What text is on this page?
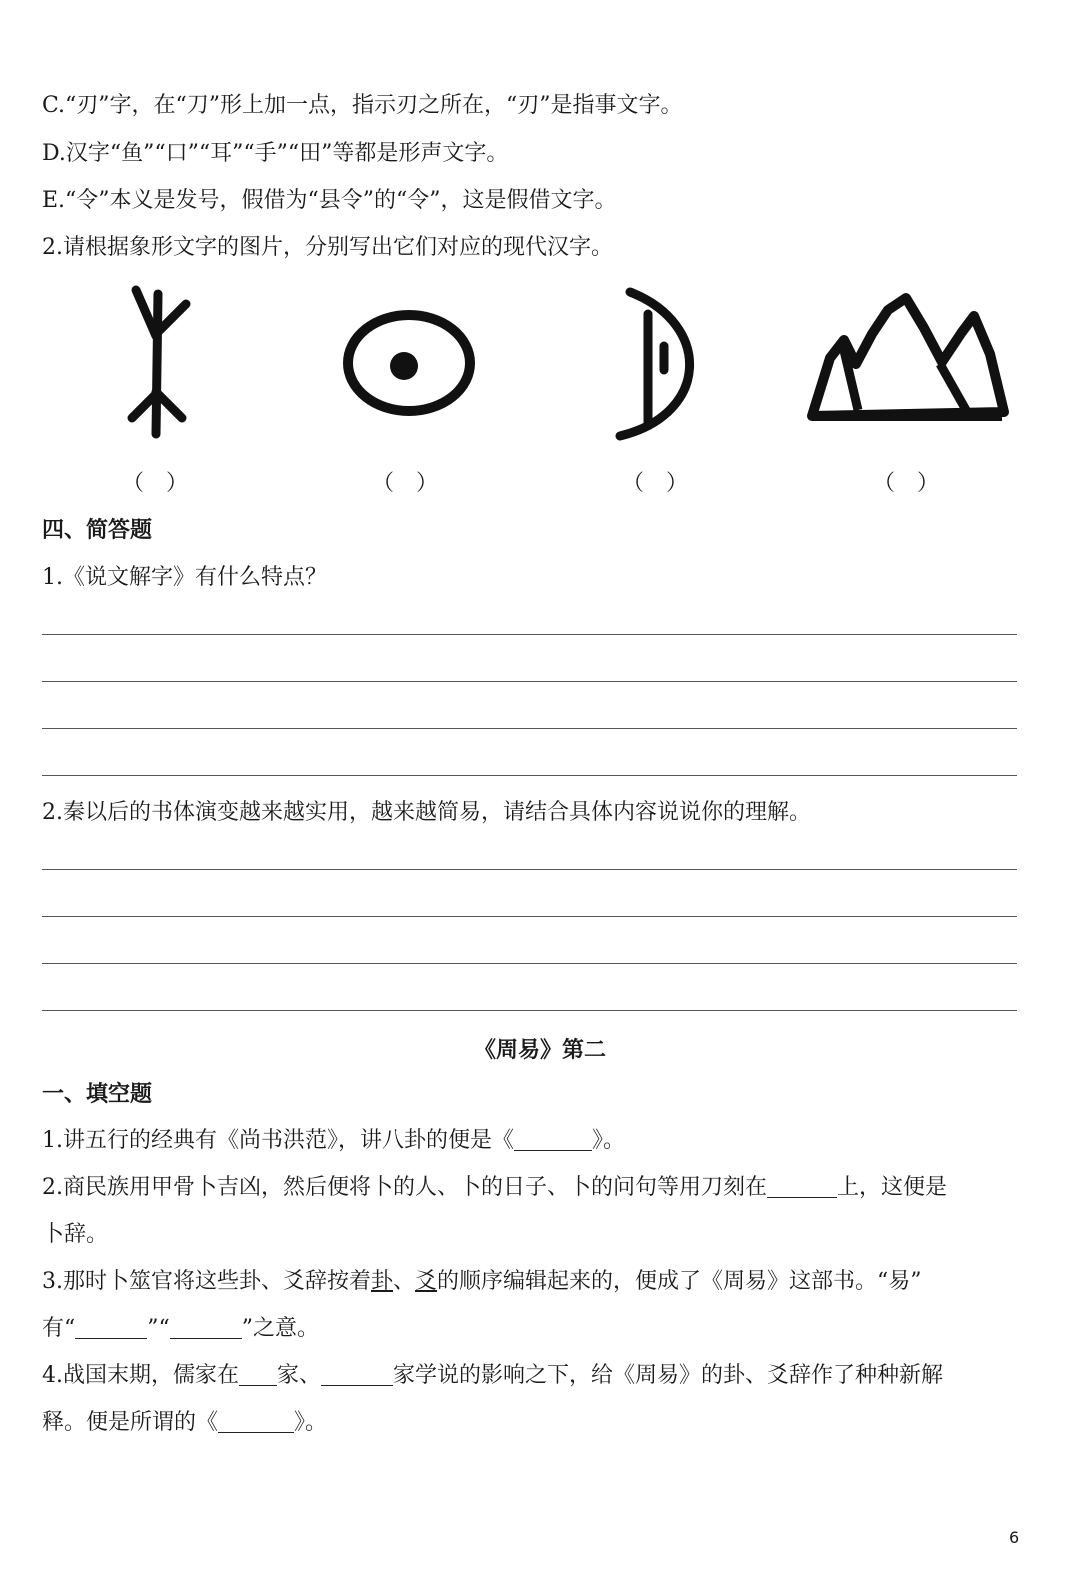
C.“刃”字，在“刀”形上加一点，指示刃之所在，“刃”是指事文字。
D.汉字“鱼”“口”“耳”“手”“田”等都是形声文字。
E.“令”本义是发号，假借为“县令”的“令”，这是假借文字。
2.请根据象形文字的图片，分别写出它们对应的现代汉字。
（　）	（　）	（　）	（　）
四、简答题
1.《说文解字》有什么特点？
2.秦以后的书体演变越来越实用，越来越简易，请结合具体内容说说你的理解。
《周易》第二
一、填空题
1.讲五行的经典有《尚书洪范》，讲八卦的便是《	》。
2.商民族用甲骨卜吉凶，然后便将卜的人、卜的日子、卜的问句等用刀刻在	上，这便是
卜辞。
3.那时卜筮官将这些卦、爻辞按着卦、爻的顺序编辑起来的，便成了《周易》这部书。“易”
有“	”“	”之意。
4.战国末期，儒家在 家、	家学说的影响之下，给《周易》的卦、爻辞作了种种新解
释。便是所谓的《	》。
6
